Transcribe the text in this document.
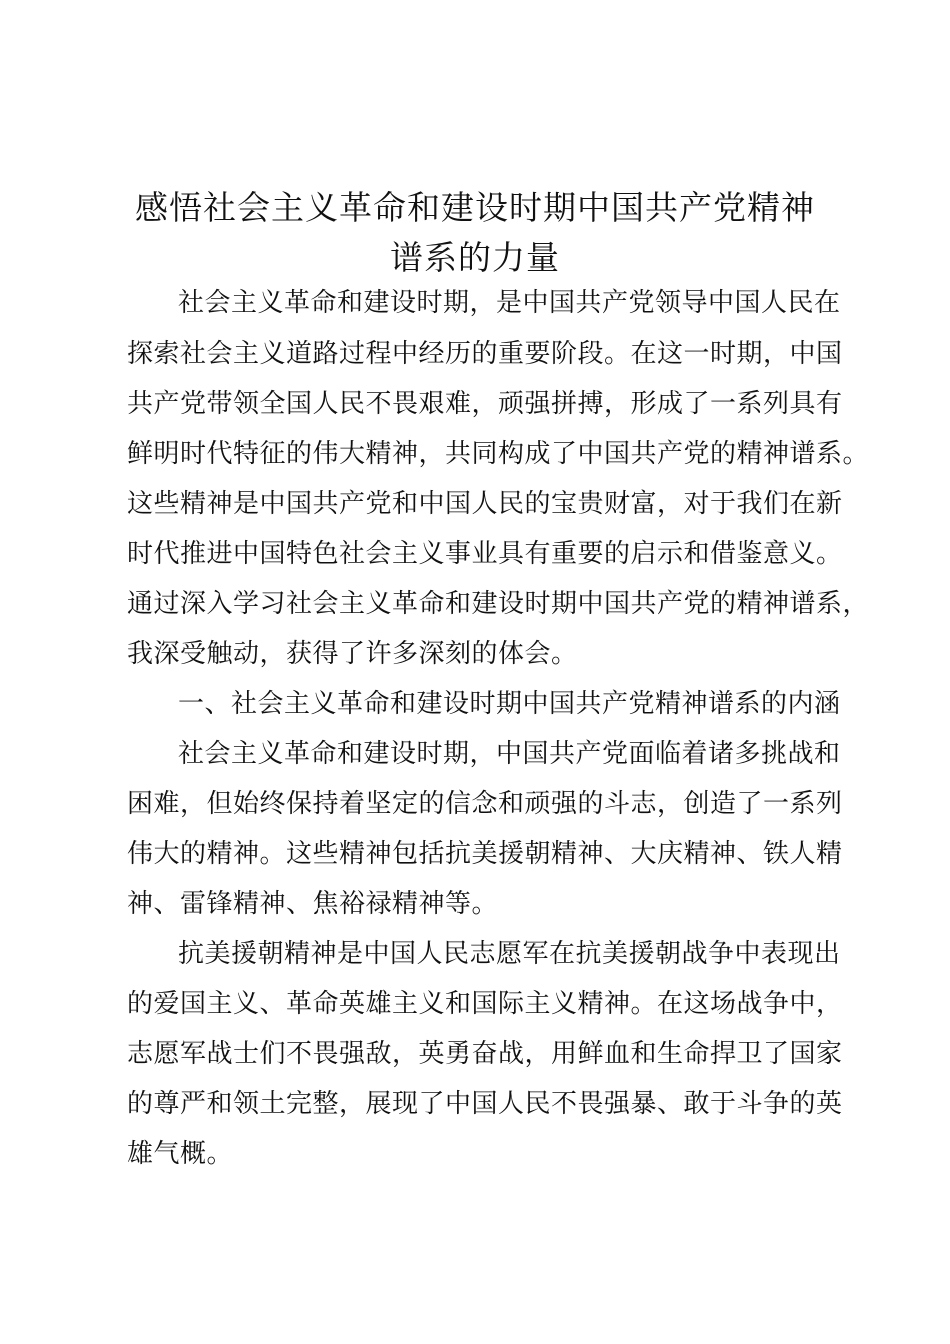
感悟社会主义革命和建设时期中国共产党精神
谱系的力量
社会主义革命和建设时期，是中国共产党领导中国人民在
探索社会主义道路过程中经历的重要阶段。在这一时期，中国
共产党带领全国人民不畏艰难，顽强拼搏，形成了一系列具有
鲜明时代特征的伟大精神，共同构成了中国共产党的精神谱系。
这些精神是中国共产党和中国人民的宝贵财富，对于我们在新
时代推进中国特色社会主义事业具有重要的启示和借鉴意义。
通过深入学习社会主义革命和建设时期中国共产党的精神谱系，
我深受触动，获得了许多深刻的体会。
一、社会主义革命和建设时期中国共产党精神谱系的内涵
社会主义革命和建设时期，中国共产党面临着诸多挑战和
困难，但始终保持着坚定的信念和顽强的斗志，创造了一系列
伟大的精神。这些精神包括抗美援朝精神、大庆精神、铁人精
神、雷锋精神、焦裕禄精神等。
抗美援朝精神是中国人民志愿军在抗美援朝战争中表现出
的爱国主义、革命英雄主义和国际主义精神。在这场战争中，
志愿军战士们不畏强敌，英勇奋战，用鲜血和生命捍卫了国家
的尊严和领土完整，展现了中国人民不畏强暴、敢于斗争的英
雄气概。
